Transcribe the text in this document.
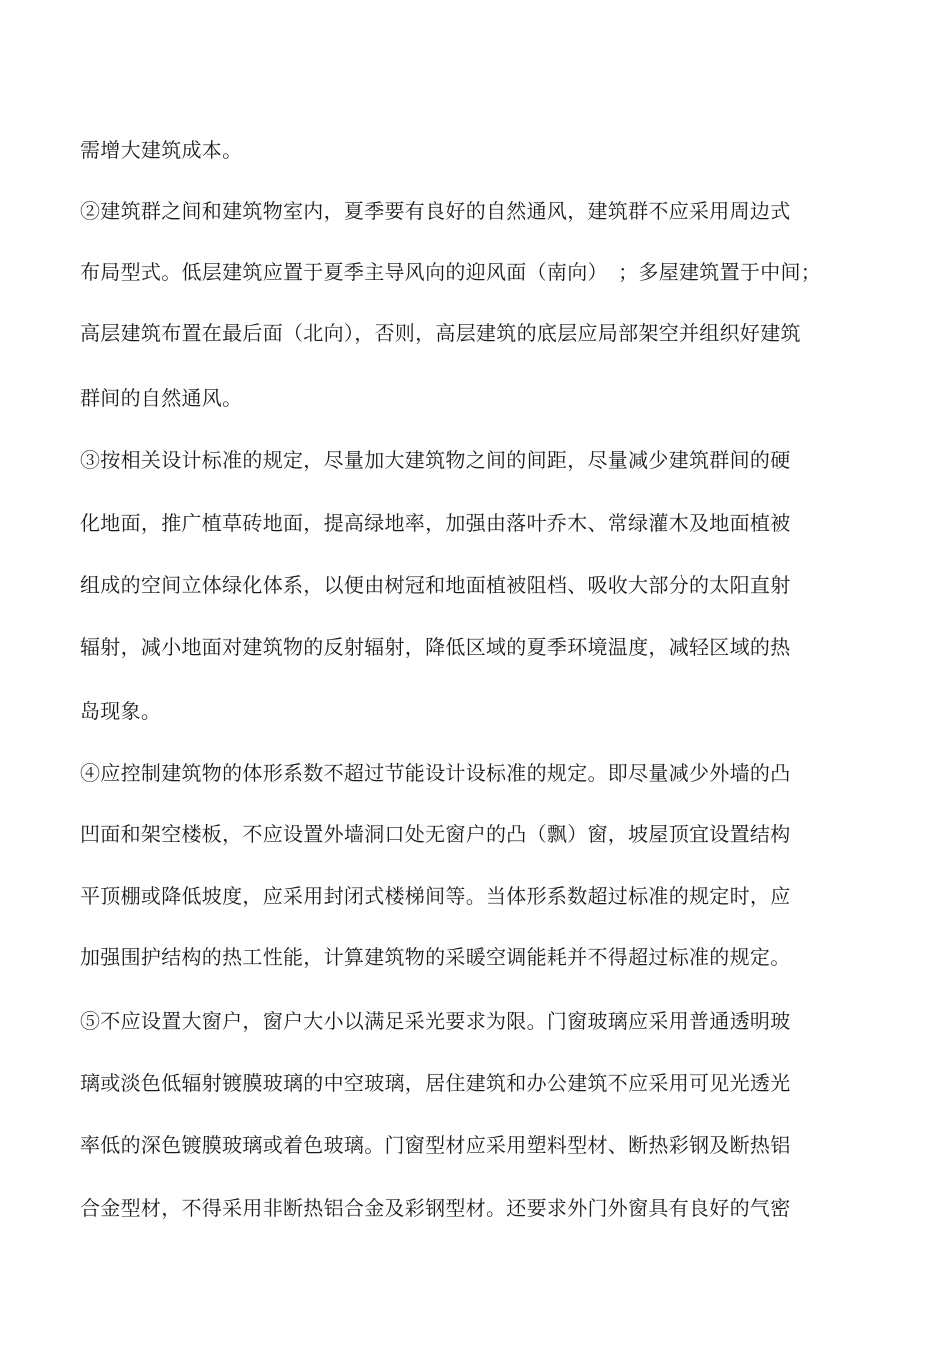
需增大建筑成本。
②建筑群之间和建筑物室内，夏季要有良好的自然通风，建筑群不应采用周边式
布局型式。低层建筑应置于夏季主导风向的迎风面（南向）　；多屋建筑置于中间；
高层建筑布置在最后面（北向），否则，高层建筑的底层应局部架空并组织好建筑
群间的自然通风。
③按相关设计标准的规定，尽量加大建筑物之间的间距，尽量减少建筑群间的硬
化地面，推广植草砖地面，提高绿地率，加强由落叶乔木、常绿灌木及地面植被
组成的空间立体绿化体系，以便由树冠和地面植被阻档、吸收大部分的太阳直射
辐射，减小地面对建筑物的反射辐射，降低区域的夏季环境温度，减轻区域的热
岛现象。
④应控制建筑物的体形系数不超过节能设计设标准的规定。即尽量减少外墙的凸
凹面和架空楼板，不应设置外墙洞口处无窗户的凸（飘）窗，坡屋顶宜设置结构
平顶棚或降低坡度，应采用封闭式楼梯间等。当体形系数超过标准的规定时，应
加强围护结构的热工性能，计算建筑物的采暖空调能耗并不得超过标准的规定。
⑤不应设置大窗户，窗户大小以满足采光要求为限。门窗玻璃应采用普通透明玻
璃或淡色低辐射镀膜玻璃的中空玻璃，居住建筑和办公建筑不应采用可见光透光
率低的深色镀膜玻璃或着色玻璃。门窗型材应采用塑料型材、断热彩钢及断热铝
合金型材，不得采用非断热铝合金及彩钢型材。还要求外门外窗具有良好的气密
